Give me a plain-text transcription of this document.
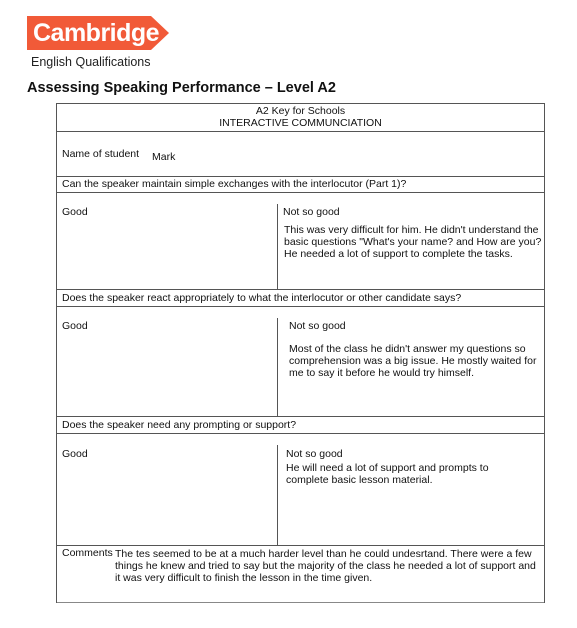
Cambridge
English Qualifications
Assessing Speaking Performance – Level A2
A2 Key for Schools
INTERACTIVE COMMUNCIATION
Name of student Mark
Can the speaker maintain simple exchanges with the interlocutor (Part 1)?
Good	Not so good
This was very difficult for him. He didn't understand the basic questions "What's your name? and How are you? He needed a lot of support to complete the tasks.
Does the speaker react appropriately to what the interlocutor or other candidate says?
Good	Not so good
Most of the class he didn't answer my questions so comprehension was a big issue. He mostly waited for me to say it before he would try himself.
Does the speaker need any prompting or support?
Good	Not so good
He will need a lot of support and prompts to complete basic lesson material.
Comments The tes seemed to be at a much harder level than he could undesrtand. There were a few things he knew and tried to say but the majority of the class he needed a lot of support and it was very difficult to finish the lesson in the time given.
